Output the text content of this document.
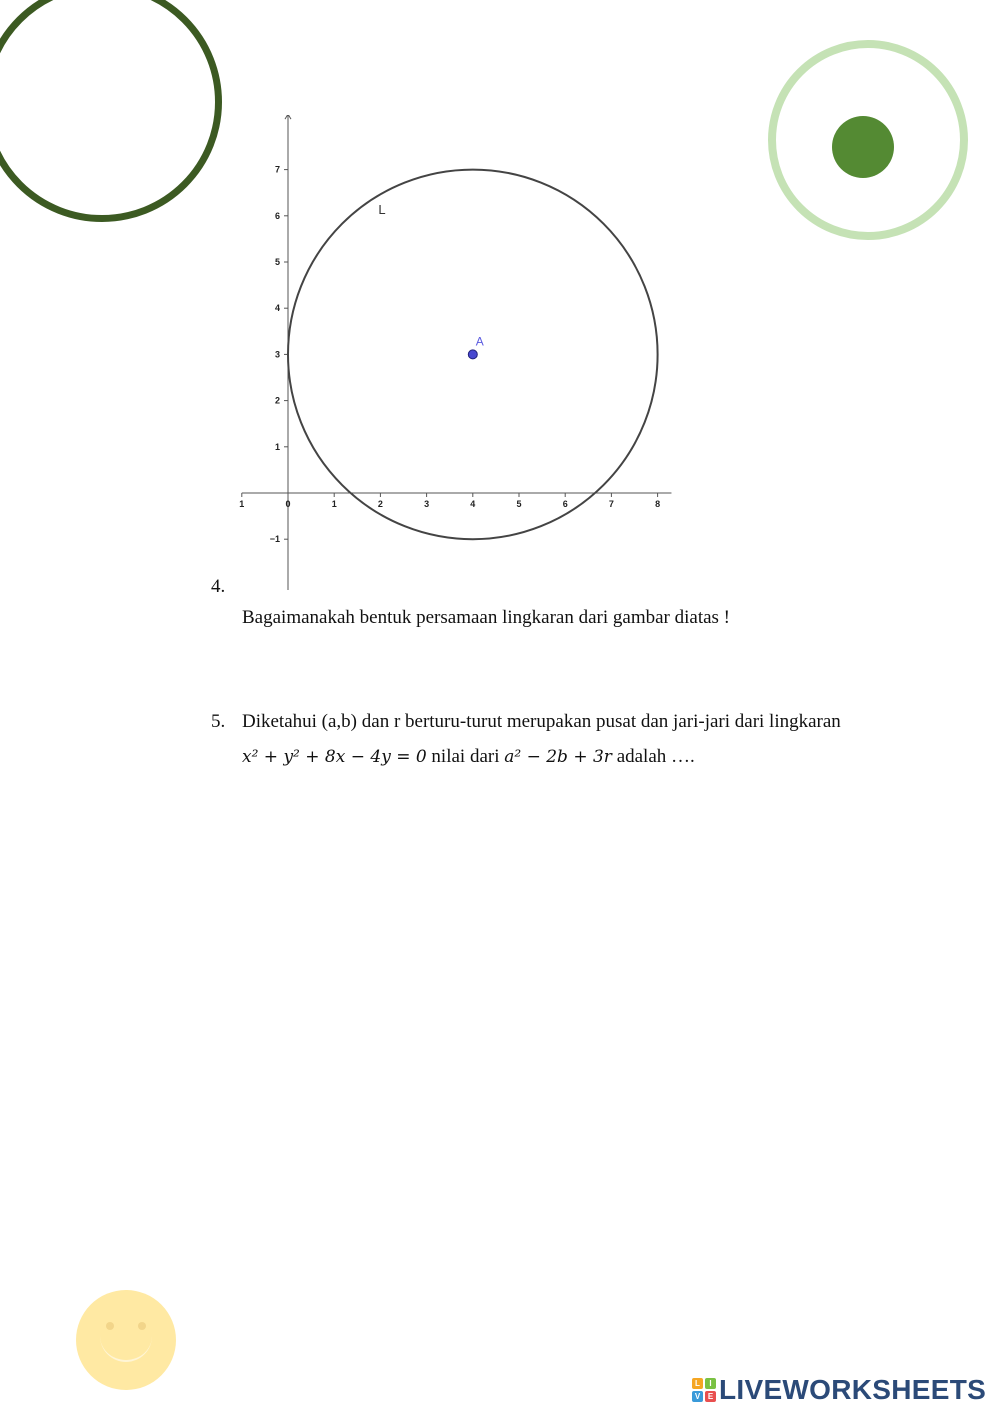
1	0	1	2	3	4	5	6	7	8
7
6
5
4
3
2
1
−1
L
A
4.
Bagaimanakah bentuk persamaan lingkaran dari gambar diatas !
5. Diketahui (a,b) dan r berturu-turut merupakan pusat dan jari-jari dari lingkaran
x² + y² + 8x − 4y = 0 nilai dari a² − 2b + 3r adalah ….
L	I
V E LIVEWORKSHEETS
